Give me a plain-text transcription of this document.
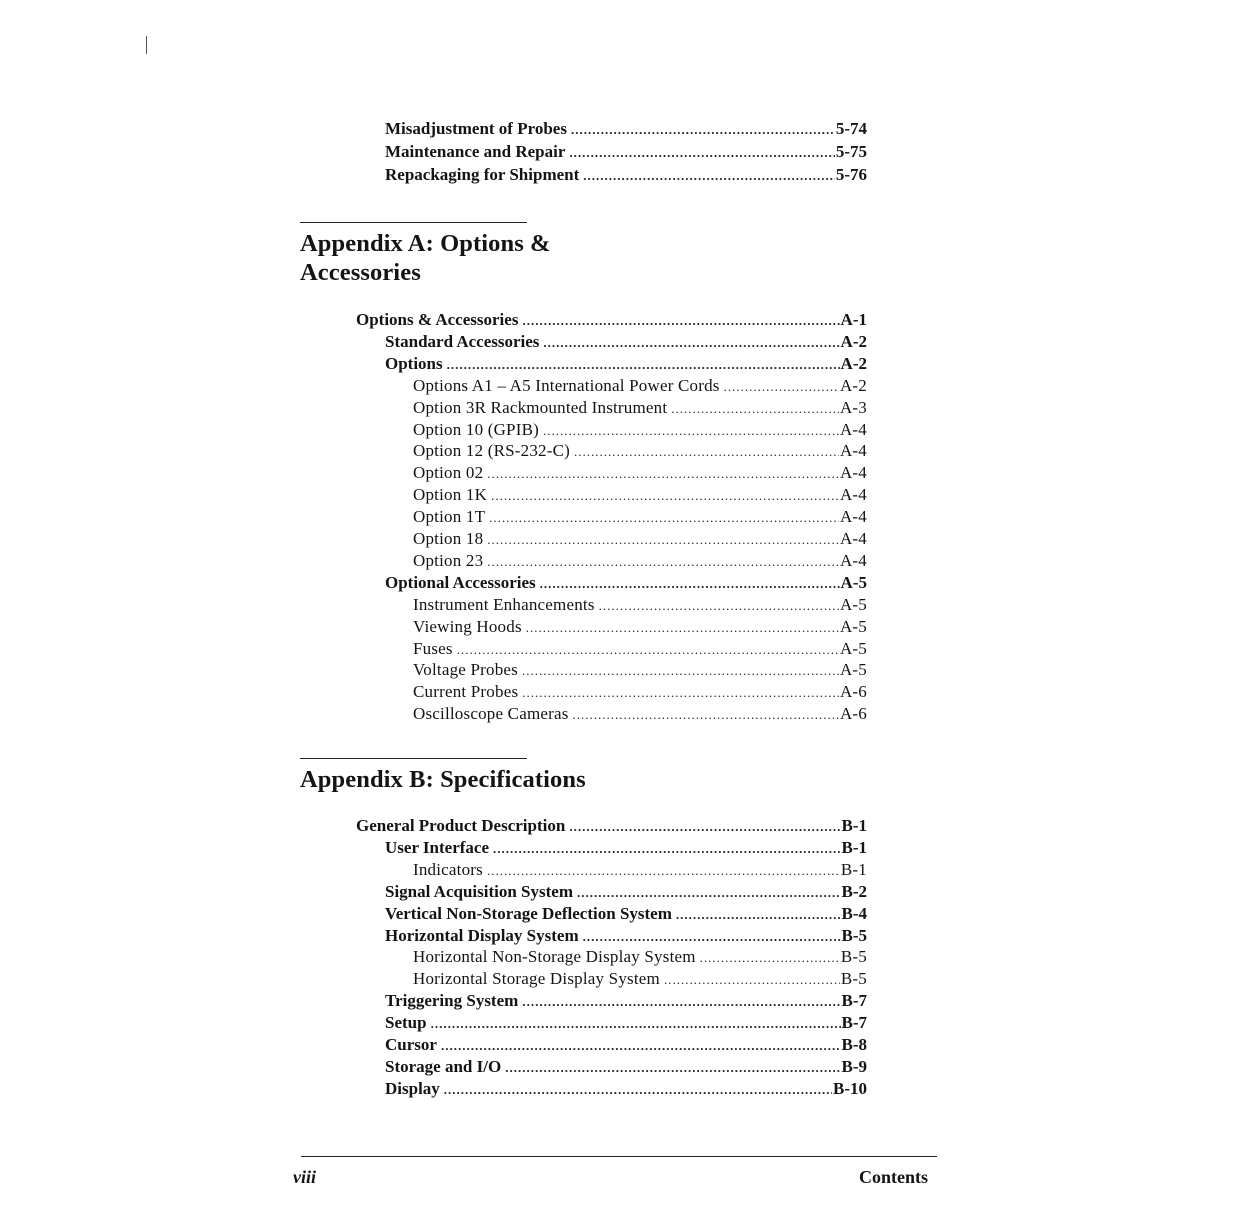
Misadjustment of Probes .....	5-74
Maintenance and Repair .....	5-75
Repackaging for Shipment .....	5-76
Appendix A: Options &
Accessories
Options & Accessories .....	A-1
Standard Accessories .....	A-2
Options .....	A-2
Options A1 – A5 International Power Cords .....	A-2
Option 3R Rackmounted Instrument .....	A-3
Option 10 (GPIB) .....	A-4
Option 12 (RS-232-C) .....	A-4
Option 02 .....	A-4
Option 1K .....	A-4
Option 1T .....	A-4
Option 18 .....	A-4
Option 23 .....	A-4
Optional Accessories .....	A-5
Instrument Enhancements .....	A-5
Viewing Hoods .....	A-5
Fuses .....	A-5
Voltage Probes .....	A-5
Current Probes .....	A-6
Oscilloscope Cameras .....	A-6
Appendix B: Specifications
General Product Description .....	B-1
User Interface .....	B-1
Indicators .....	B-1
Signal Acquisition System .....	B-2
Vertical Non-Storage Deflection System .....	B-4
Horizontal Display System .....	B-5
Horizontal Non-Storage Display System .....	B-5
Horizontal Storage Display System .....	B-5
Triggering System .....	B-7
Setup .....	B-7
Cursor .....	B-8
Storage and I/O .....	B-9
Display .....	B-10
viii	Contents
